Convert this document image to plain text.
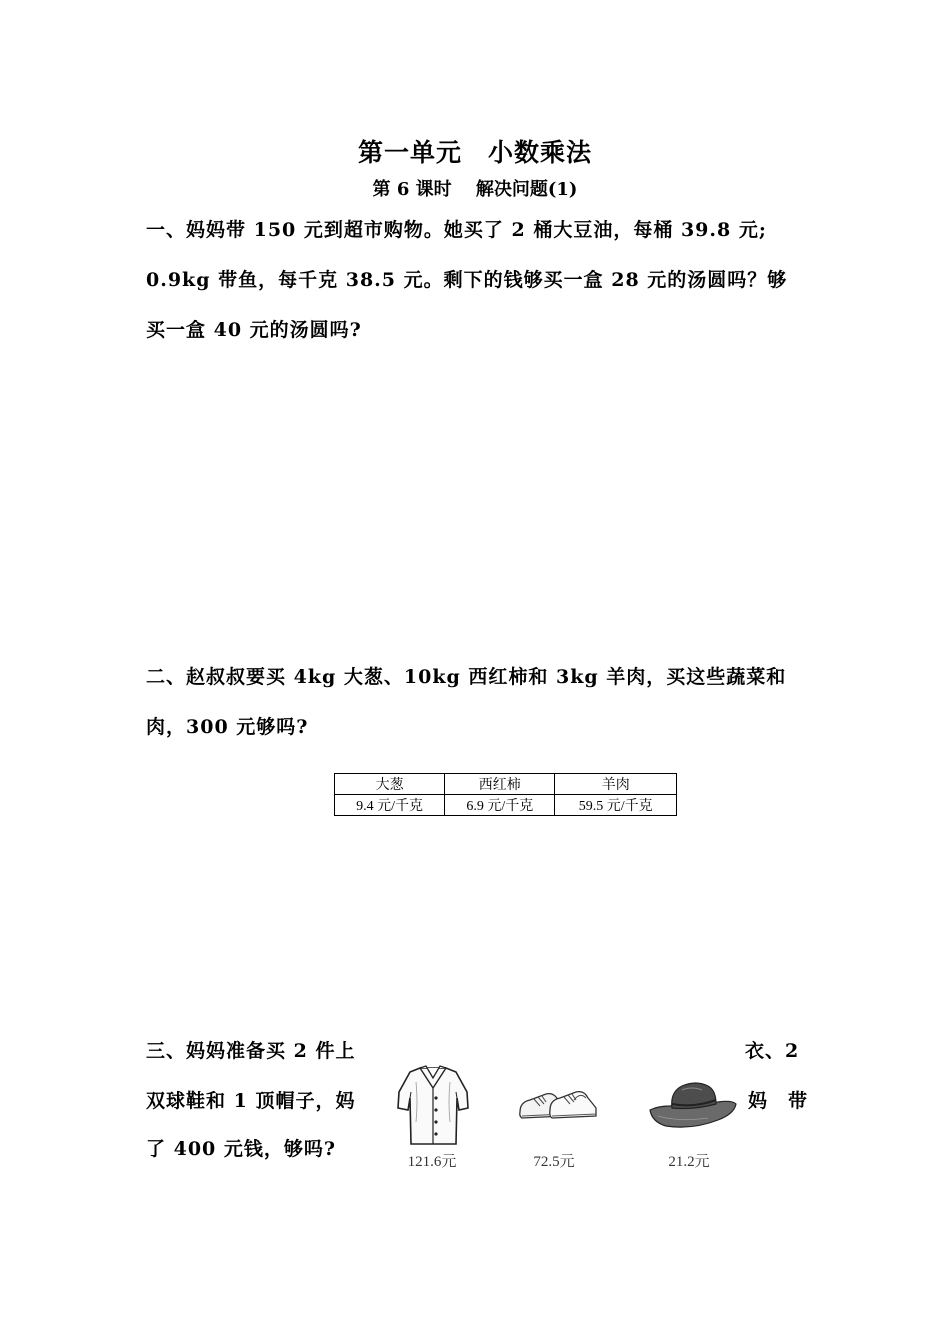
第一单元　小数乘法
第 6 课时　 解决问题(1)
一、妈妈带 150 元到超市购物。她买了 2 桶大豆油，每桶 39.8 元;
0.9kg 带鱼，每千克 38.5 元。剩下的钱够买一盒 28 元的汤圆吗？够
买一盒 40 元的汤圆吗?
二、赵叔叔要买 4kg 大葱、10kg 西红柿和 3kg 羊肉，买这些蔬菜和
肉，300 元够吗?
大葱	西红柿	羊肉
9.4 元/千克	6.9 元/千克	59.5 元/千克
三、妈妈准备买 2 件上	衣、2
双球鞋和 1 顶帽子，妈	妈　带
了 400 元钱，够吗?
121.6元	72.5元	21.2元
